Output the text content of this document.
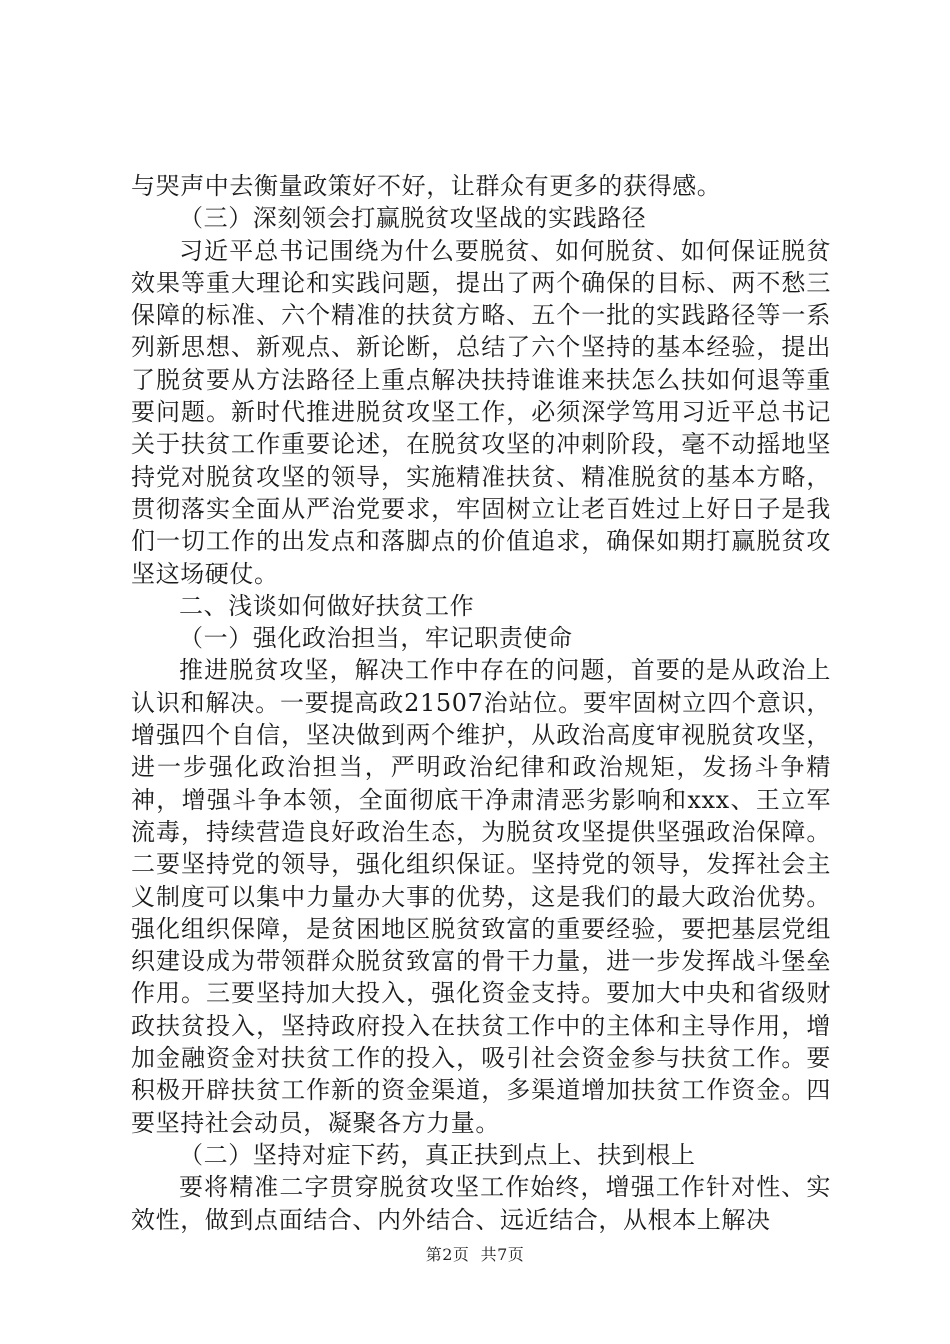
与哭声中去衡量政策好不好，让群众有更多的获得感。

（三）深刻领会打赢脱贫攻坚战的实践路径

习近平总书记围绕为什么要脱贫、如何脱贫、如何保证脱贫效果等重大理论和实践问题，提出了两个确保的目标、两不愁三保障的标准、六个精准的扶贫方略、五个一批的实践路径等一系列新思想、新观点、新论断，总结了六个坚持的基本经验，提出了脱贫要从方法路径上重点解决扶持谁谁来扶怎么扶如何退等重要问题。新时代推进脱贫攻坚工作，必须深学笃用习近平总书记关于扶贫工作重要论述，在脱贫攻坚的冲刺阶段，毫不动摇地坚持党对脱贫攻坚的领导，实施精准扶贫、精准脱贫的基本方略，贯彻落实全面从严治党要求，牢固树立让老百姓过上好日子是我们一切工作的出发点和落脚点的价值追求，确保如期打赢脱贫攻坚这场硬仗。

二、浅谈如何做好扶贫工作

（一）强化政治担当，牢记职责使命

推进脱贫攻坚，解决工作中存在的问题，首要的是从政治上认识和解决。一要提高政21507治站位。要牢固树立四个意识，增强四个自信，坚决做到两个维护，从政治高度审视脱贫攻坚，进一步强化政治担当，严明政治纪律和政治规矩，发扬斗争精神，增强斗争本领，全面彻底干净肃清恶劣影响和xxx、王立军流毒，持续营造良好政治生态，为脱贫攻坚提供坚强政治保障。二要坚持党的领导，强化组织保证。坚持党的领导，发挥社会主义制度可以集中力量办大事的优势，这是我们的最大政治优势。强化组织保障，是贫困地区脱贫致富的重要经验，要把基层党组织建设成为带领群众脱贫致富的骨干力量，进一步发挥战斗堡垒作用。三要坚持加大投入，强化资金支持。要加大中央和省级财政扶贫投入，坚持政府投入在扶贫工作中的主体和主导作用，增加金融资金对扶贫工作的投入，吸引社会资金参与扶贫工作。要积极开辟扶贫工作新的资金渠道，多渠道增加扶贫工作资金。四要坚持社会动员，凝聚各方力量。

（二）坚持对症下药，真正扶到点上、扶到根上

要将精准二字贯穿脱贫攻坚工作始终，增强工作针对性、实效性，做到点面结合、内外结合、远近结合，从根本上解决

第2页  共7页
